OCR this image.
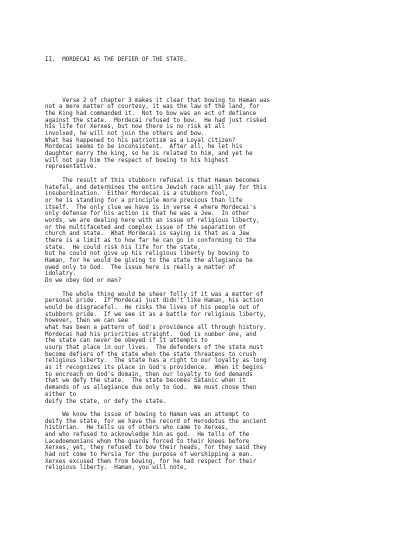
II.  MORDECAI AS THE DEFIER OF THE STATE.

Verse 2 of chapter 3 makes it clear that bowing to Haman was
not a mere matter of courtesy, it was the law of the land, for
the King had commanded it.  Not to bow was an act of defiance
against the state.  Mordecai refused to bow.  He had just risked
his life for Xerxes, but now there is no risk at all
involved, he will not join the others and bow.
What has happened to his patriotism as a Loyal citizen?
Mordecai seems to be inconsistent.  After all, he let his
daughter marry the king, so he is related to him, and yet he
will not pay him the respect of bowing to his highest
representative.
The result of this stubborn refusal is that Haman becomes
hateful, and determines the entire Jewish race will pay for this
insubordination.  Either Mordecai is a stubborn fool,
or he is standing for a principle more precious than life
itself.  The only clue we have is in verse 4 where Mordecai's
only defense for his action is that he was a Jew.  In other
words, we are dealing here with an issue of religious liberty,
or the multifaceted and complex issue of the separation of
church and state.  What Mordecai is saying is that as a Jew
there is a limit as to how far he can go in conforming to the
state.  He could risk his life for the state,
but he could not give up his religious liberty by bowing to
Haman, for he would be giving to the state the allegiance he
owed only to God.  The issue here is really a matter of
idolatry.
Do we obey God or man?
The whole thing would be sheer folly if it was a matter of
personal pride.  If Mordecai just didn't like Haman, his action
would be disgraceful.  He risks the lives of his people out of
stubborn pride.  If we see it as a battle for religious liberty,
however, then we can see
what has been a pattern of God's providence all through history.
Mordecai had his priorities straight.  God is number one, and
the state can never be obeyed if it attempts to
usurp that place in our lives.  The defenders of the state must
become defiers of the state when the state threatens to crush
religious liberty.  The state has a right to our loyalty as long
as it recognizes its place in God's providence.  When it begins
to encroach on God's domain, then our loyalty to God demands
that we defy the state.  The state becomes Satanic when it
demands of us allegiance due only to God.  We must chose then
either to
deify the state, or defy the state.
We know the issue of bowing to Haman was an attempt to
deify the state, for we have the record of Herodotus the ancient
historian.  He tells us of others who came to Xerxes,
and who refused to acknowledge him as god.  He tells of the
Lacedoemonians whom the guards forced to their knees before
Xerxes, yet, they refused to bow their heads, for they said they
had not come to Persia for the purpose of worshipping a man.
Xerxes excused them from bowing, for he had respect for their
religious liberty.  Haman, you will note,
